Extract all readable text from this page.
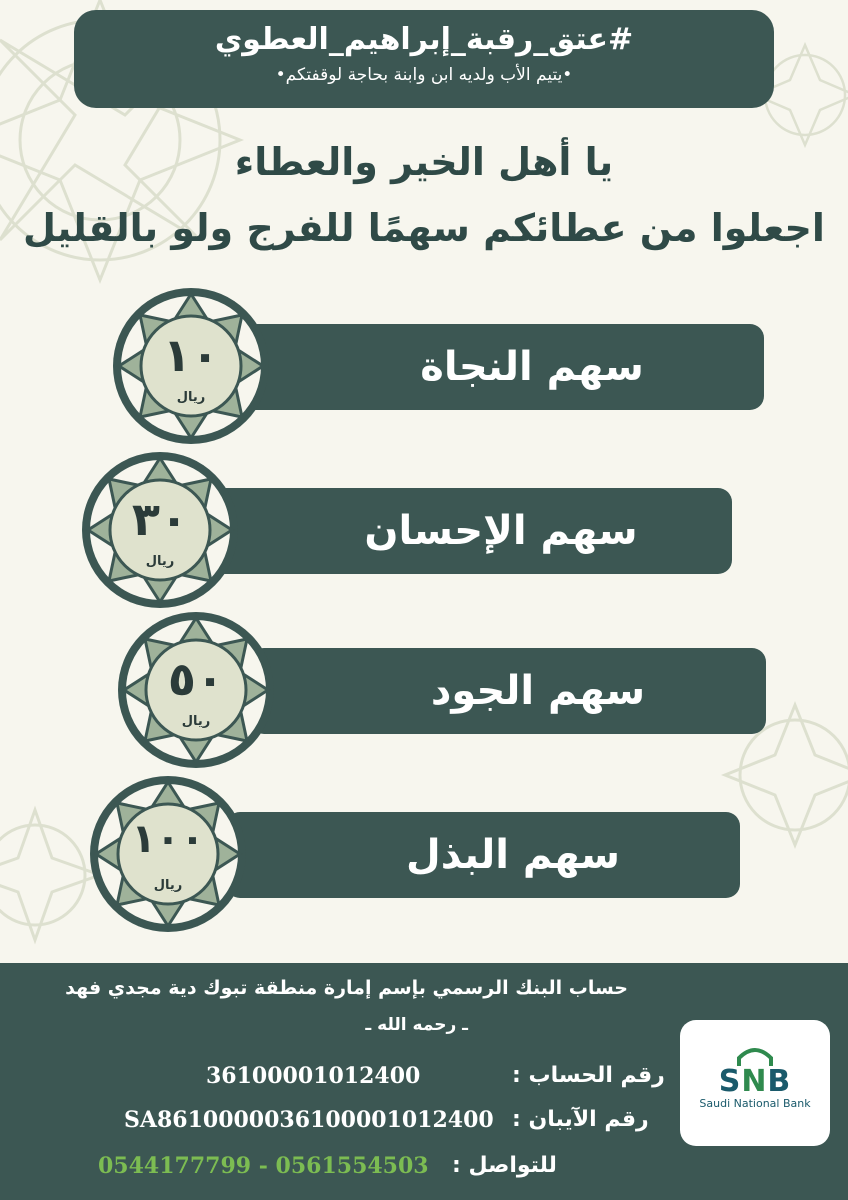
#عتق_رقبة_إبراهيم_العطوي
•يتيم الأب ولديه ابن وابنة بحاجة لوقفتكم•
يا أهل الخير والعطاء
اجعلوا من عطائكم سهمًا للفرج ولو بالقليل
سهم النجاة
سهم الإحسان
سهم الجود
سهم البذل
١٠
ريال
٣٠
ريال
٥٠
ريال
١٠٠
ريال
حساب البنك الرسمي بإسم إمارة منطقة تبوك دية مجدي فهد
ـ رحمه الله ـ
رقم الحساب :
36100001012400
رقم الآيبان :
SA8610000036100001012400
للتواصل :
0544177799 - 0561554503
SNB
Saudi National Bank
